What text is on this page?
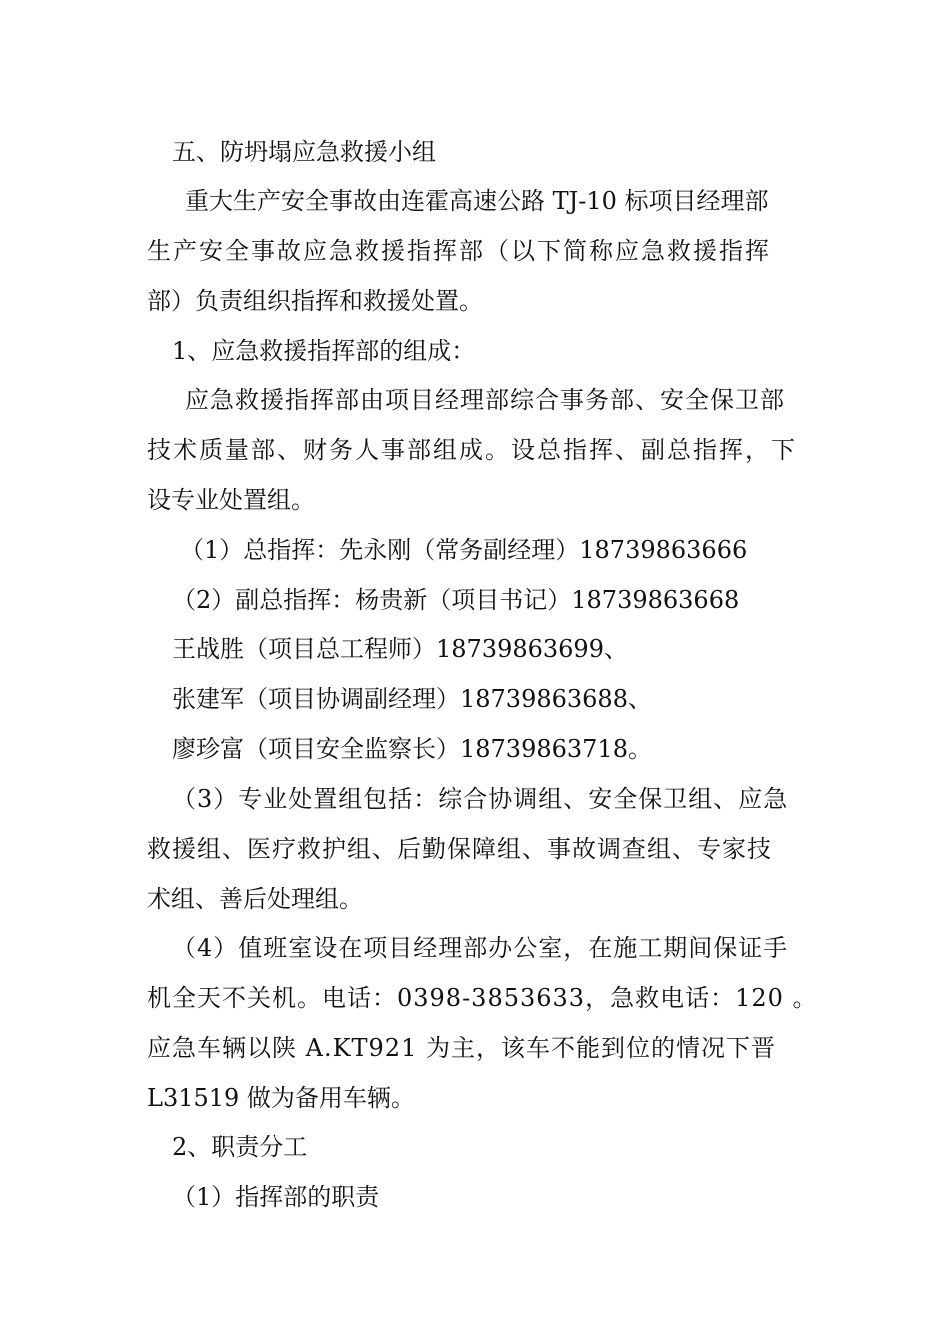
五、防坍塌应急救援小组
重大生产安全事故由连霍高速公路 TJ-10 标项目经理部
生产安全事故应急救援指挥部（以下简称应急救援指挥
部）负责组织指挥和救援处置。
1、应急救援指挥部的组成：
应急救援指挥部由项目经理部综合事务部、安全保卫部
技术质量部、财务人事部组成。设总指挥、副总指挥，下
设专业处置组。
（1）总指挥：先永刚（常务副经理）18739863666
（2）副总指挥：杨贵新（项目书记）18739863668
王战胜（项目总工程师）18739863699、
张建军（项目协调副经理）18739863688、
廖珍富（项目安全监察长）18739863718。
（3）专业处置组包括：综合协调组、安全保卫组、应急
救援组、医疗救护组、后勤保障组、事故调查组、专家技
术组、善后处理组。
（4）值班室设在项目经理部办公室，在施工期间保证手
机全天不关机。电话：0398-3853633，急救电话：120 。
应急车辆以陕 A.KT921 为主，该车不能到位的情况下晋
L31519 做为备用车辆。
2、职责分工
（1）指挥部的职责
